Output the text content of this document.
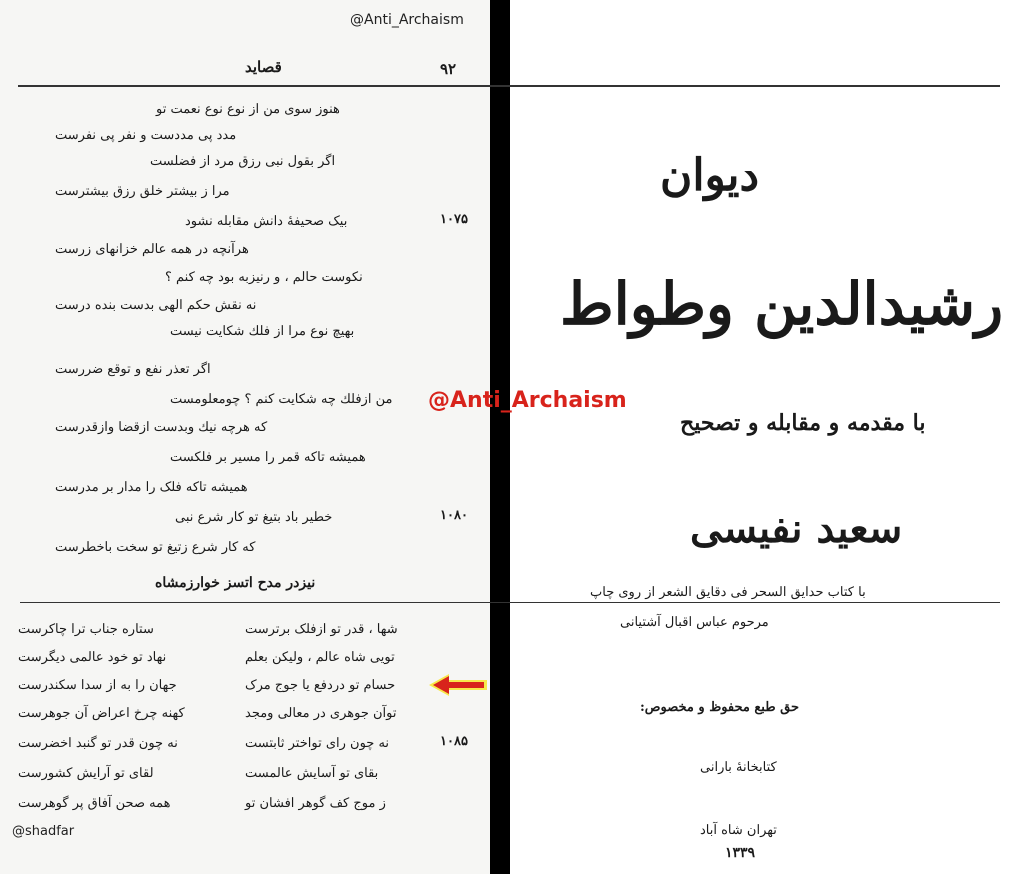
@Anti_Archaism
۹۲
قصاید
هنوز سوی من از نوع نوع نعمت تو
مدد پی مددست و نفر پی نفرست
اگر بقول نبی رزق مرد از فضلست
مرا ز بیشتر خلق رزق بیشترست
بیک صحیفهٔ دانش مقابله نشود
هرآنچه در همه عالم خزانهای زرست
نکوست حالم ، و رنیزبه بود چه کنم ؟
نه نقش حکم الهی بدست بنده درست
بهیچ نوع مرا از فلك شکایت نیست
اگر تعذر نفع و توقع ضررست
من ازفلك چه شکایت کنم ؟ چومعلومست
که هرچه نیك وبدست ازقضا وازقدرست
همیشه تاکه قمر را مسیر بر فلکست
همیشه تاکه فلک را مدار بر مدرست
خطیر باد بتیغ تو کار شرع نبی
که کار شرع زتیغ تو سخت باخطرست
۱۰۷۵
۱۰۸۰
۱۰۸۵
نیزدر مدح اتسز خوارزمشاه
شها ، قدر تو ازفلک برترست
ستاره جناب ترا چاکرست
تویی شاه عالم ، ولیکن بعلم
نهاد تو خود عالمی دیگرست
حسام تو دردفع یا جوج مرک
جهان را به از سدا سکندرست
توآن جوهری در معالی ومجد
کهنه چرخ اعراض آن جوهرست
نه چون رای تواختر ثابتست
نه چون قدر تو گنبد اخضرست
بقای تو آسایش عالمست
لقای تو آرایش کشورست
ز موج کف گوهر افشان تو
همه صحن آفاق پر گوهرست
@Anti_Archaism
@shadfar
دیوان
رشیدالدین وطواط
با مقدمه و مقابله و تصحیح
سعید نفیسی
با کتاب حدایق السحر فی دقایق الشعر از روی چاپ
مرحوم عباس اقبال آشتیانی
حق طبع محفوظ و مخصوص:
کتابخانهٔ بارانی
تهران شاه آباد
۱۳۳۹
